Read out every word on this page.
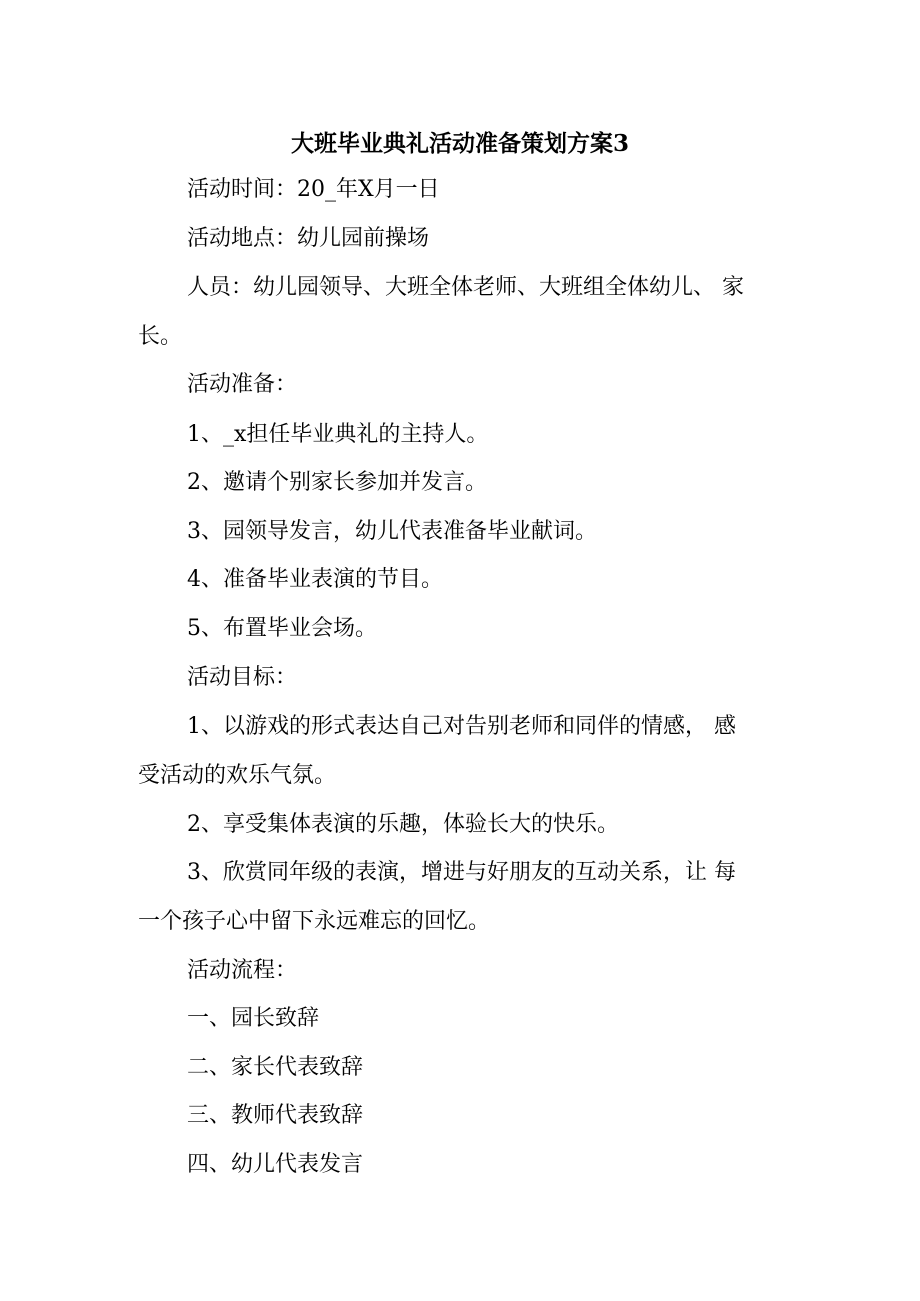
大班毕业典礼活动准备策划方案3

活动时间：20_年X月一日

活动地点：幼儿园前操场

人员：幼儿园领导、大班全体老师、大班组全体幼儿、 家

长。

活动准备：

1、_x担任毕业典礼的主持人。

2、邀请个别家长参加并发言。

3、园领导发言，幼儿代表准备毕业献词。

4、准备毕业表演的节目。

5、布置毕业会场。

活动目标：

1、以游戏的形式表达自己对告别老师和同伴的情感， 感

受活动的欢乐气氛。

2、享受集体表演的乐趣，体验长大的快乐。

3、欣赏同年级的表演，增进与好朋友的互动关系，让 每

一个孩子心中留下永远难忘的回忆。

活动流程：

一、园长致辞

二、家长代表致辞

三、教师代表致辞

四、幼儿代表发言
